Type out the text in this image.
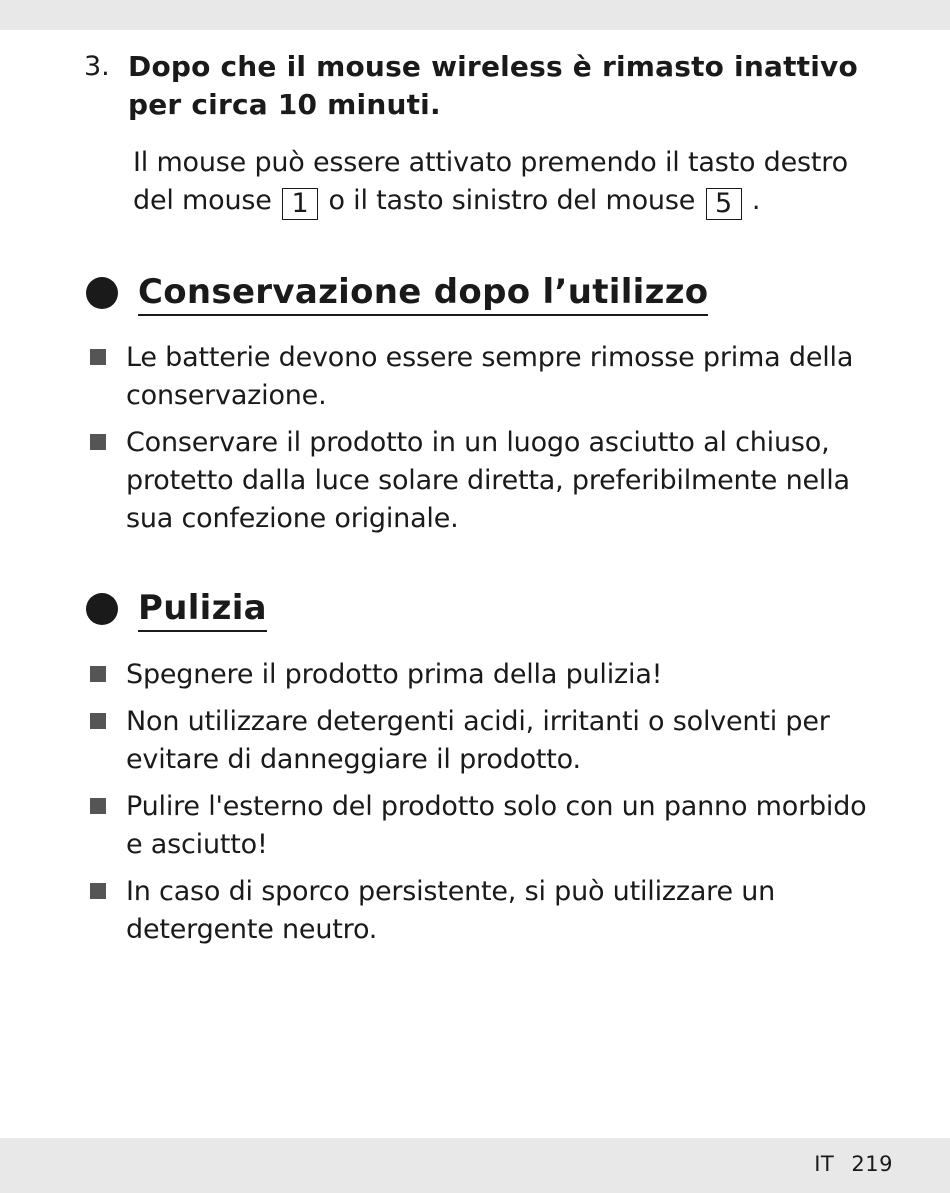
3. Dopo che il mouse wireless è rimasto inattivo per circa 10 minuti.
Il mouse può essere attivato premendo il tasto destro del mouse 1 o il tasto sinistro del mouse 5 .
Conservazione dopo l’utilizzo
Le batterie devono essere sempre rimosse prima della conservazione.
Conservare il prodotto in un luogo asciutto al chiuso, protetto dalla luce solare diretta, preferibilmente nella sua confezione originale.
Pulizia
Spegnere il prodotto prima della pulizia!
Non utilizzare detergenti acidi, irritanti o solventi per evitare di danneggiare il prodotto.
Pulire l'esterno del prodotto solo con un panno morbido e asciutto!
In caso di sporco persistente, si può utilizzare un detergente neutro.
IT 219
